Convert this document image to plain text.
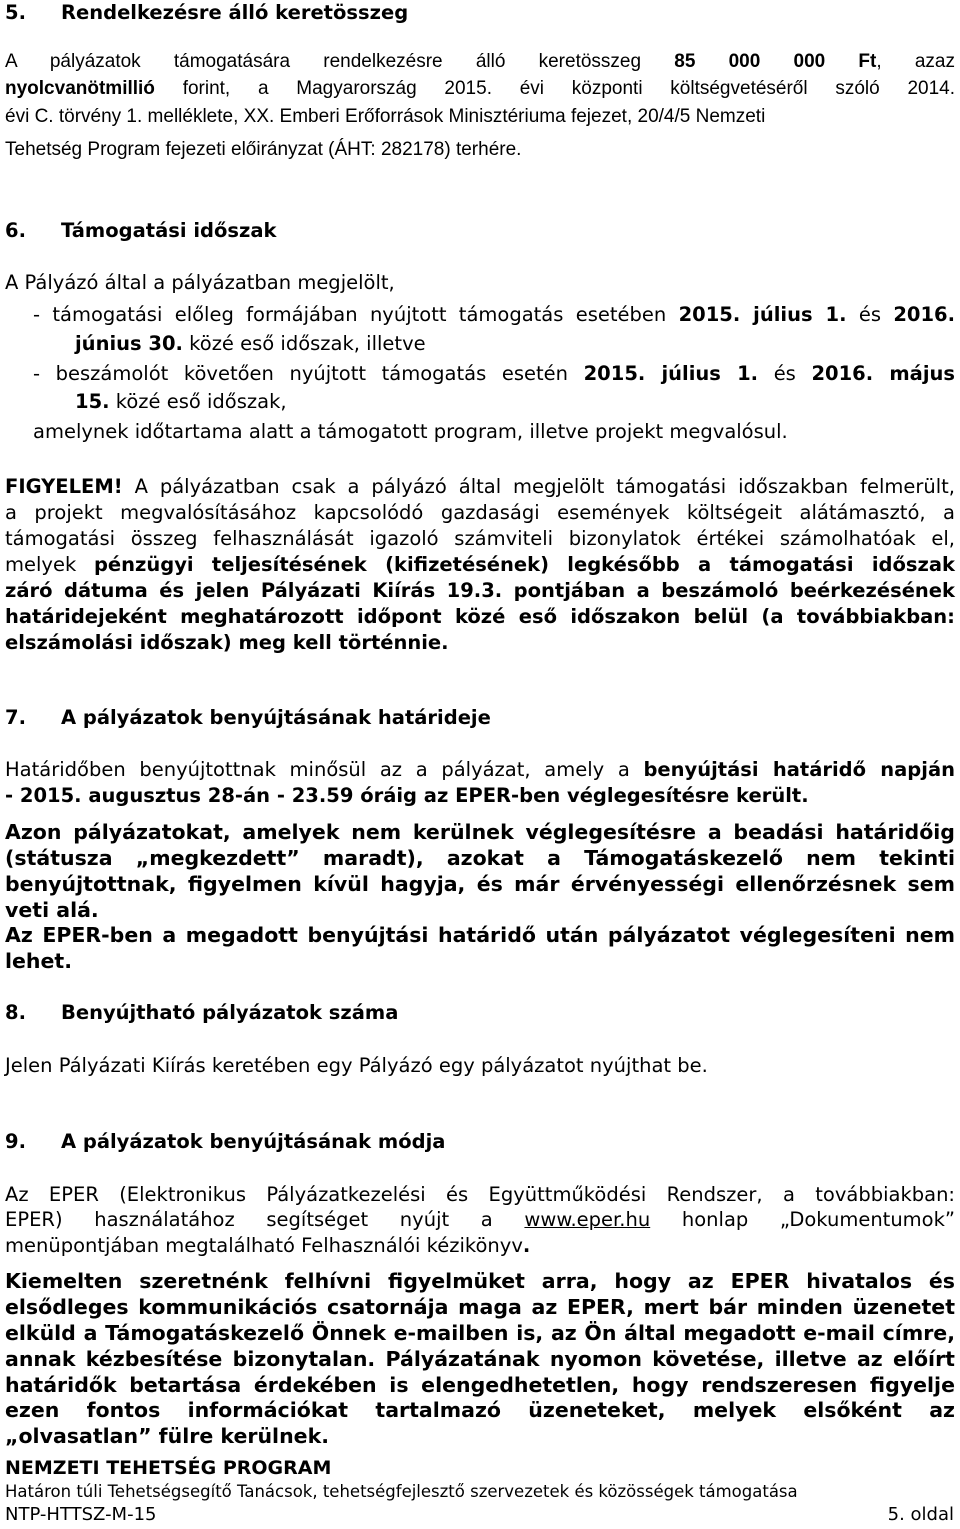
5. Rendelkezésre álló keretösszeg
A pályázatok támogatására rendelkezésre álló keretösszeg 85 000 000 Ft, azaz
nyolcvanötmillió forint, a Magyarország 2015. évi központi költségvetéséről szóló 2014.
évi C. törvény 1. melléklete, XX. Emberi Erőforrások Minisztériuma fejezet, 20/4/5 Nemzeti
Tehetség Program fejezeti előirányzat (ÁHT: 282178) terhére.
6. Támogatási időszak
A Pályázó által a pályázatban megjelölt,
- támogatási előleg formájában nyújtott támogatás esetében 2015. július 1. és 2016.
június 30. közé eső időszak, illetve
- beszámolót követően nyújtott támogatás esetén 2015. július 1. és 2016. május
15. közé eső időszak,
amelynek időtartama alatt a támogatott program, illetve projekt megvalósul.
FIGYELEM! A pályázatban csak a pályázó által megjelölt támogatási időszakban felmerült,
a projekt megvalósításához kapcsolódó gazdasági események költségeit alátámasztó, a
támogatási összeg felhasználását igazoló számviteli bizonylatok értékei számolhatóak el,
melyek pénzügyi teljesítésének (kifizetésének) legkésőbb a támogatási időszak
záró dátuma és jelen Pályázati Kiírás 19.3. pontjában a beszámoló beérkezésének
határidejeként meghatározott időpont közé eső időszakon belül (a továbbiakban:
elszámolási időszak) meg kell történnie.
7. A pályázatok benyújtásának határideje
Határidőben benyújtottnak minősül az a pályázat, amely a benyújtási határidő napján
- 2015. augusztus 28-án - 23.59 óráig az EPER-ben véglegesítésre került.
Azon pályázatokat, amelyek nem kerülnek véglegesítésre a beadási határidőig
(státusza „megkezdett” maradt), azokat a Támogatáskezelő nem tekinti
benyújtottnak, figyelmen kívül hagyja, és már érvényességi ellenőrzésnek sem
veti alá.
Az EPER-ben a megadott benyújtási határidő után pályázatot véglegesíteni nem
lehet.
8. Benyújtható pályázatok száma
Jelen Pályázati Kiírás keretében egy Pályázó egy pályázatot nyújthat be.
9. A pályázatok benyújtásának módja
Az EPER (Elektronikus Pályázatkezelési és Együttműködési Rendszer, a továbbiakban:
EPER) használatához segítséget nyújt a www.eper.hu honlap „Dokumentumok”
menüpontjában megtalálható Felhasználói kézikönyv.
Kiemelten szeretnénk felhívni figyelmüket arra, hogy az EPER hivatalos és
elsődleges kommunikációs csatornája maga az EPER, mert bár minden üzenetet
elküld a Támogatáskezelő Önnek e-mailben is, az Ön által megadott e-mail címre,
annak kézbesítése bizonytalan. Pályázatának nyomon követése, illetve az előírt
határidők betartása érdekében is elengedhetetlen, hogy rendszeresen figyelje
ezen fontos információkat tartalmazó üzeneteket, melyek elsőként az
„olvasatlan” fülre kerülnek.
NEMZETI TEHETSÉG PROGRAM
Határon túli Tehetségsegítő Tanácsok, tehetségfejlesztő szervezetek és közösségek támogatása
NTP-HTTSZ-M-15	5. oldal
